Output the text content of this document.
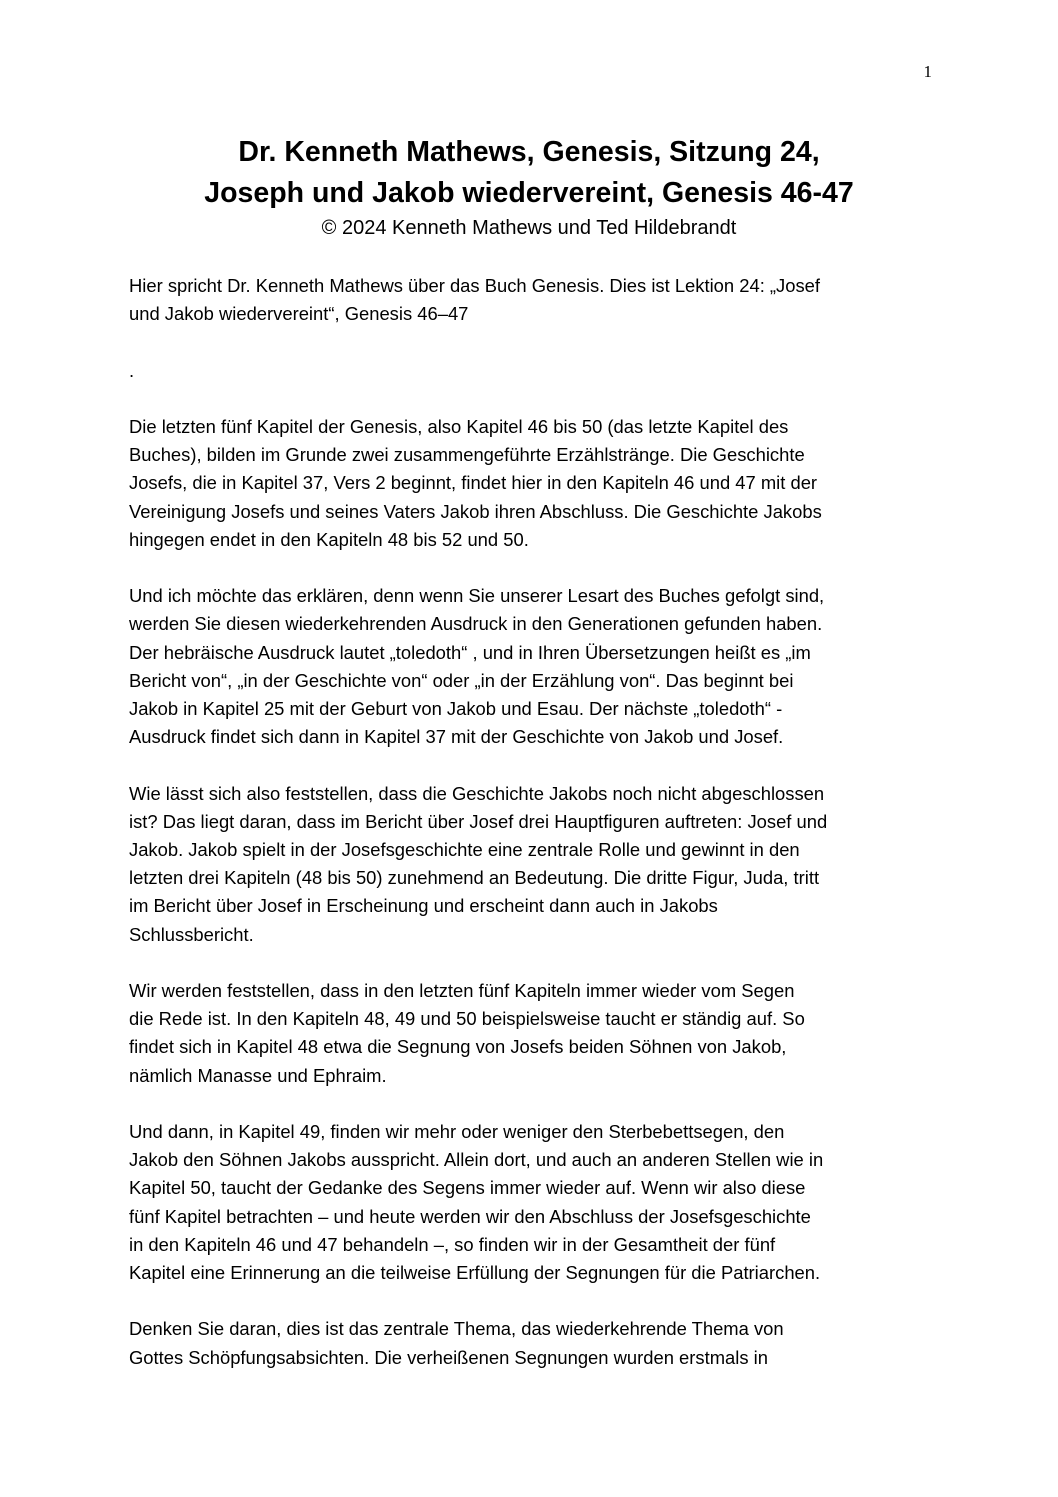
1
Dr. Kenneth Mathews, Genesis, Sitzung 24,
Joseph und Jakob wiedervereint, Genesis 46-47
© 2024 Kenneth Mathews und Ted Hildebrandt

Hier spricht Dr. Kenneth Mathews über das Buch Genesis. Dies ist Lektion 24: „Josef
und Jakob wiedervereint“, Genesis 46–47

.

Die letzten fünf Kapitel der Genesis, also Kapitel 46 bis 50 (das letzte Kapitel des
Buches), bilden im Grunde zwei zusammengeführte Erzählstränge. Die Geschichte
Josefs, die in Kapitel 37, Vers 2 beginnt, findet hier in den Kapiteln 46 und 47 mit der
Vereinigung Josefs und seines Vaters Jakob ihren Abschluss. Die Geschichte Jakobs
hingegen endet in den Kapiteln 48 bis 52 und 50.

Und ich möchte das erklären, denn wenn Sie unserer Lesart des Buches gefolgt sind,
werden Sie diesen wiederkehrenden Ausdruck in den Generationen gefunden haben.
Der hebräische Ausdruck lautet „toledoth“ , und in Ihren Übersetzungen heißt es „im
Bericht von“, „in der Geschichte von“ oder „in der Erzählung von“. Das beginnt bei
Jakob in Kapitel 25 mit der Geburt von Jakob und Esau. Der nächste „toledoth“ -
Ausdruck findet sich dann in Kapitel 37 mit der Geschichte von Jakob und Josef.

Wie lässt sich also feststellen, dass die Geschichte Jakobs noch nicht abgeschlossen
ist? Das liegt daran, dass im Bericht über Josef drei Hauptfiguren auftreten: Josef und
Jakob. Jakob spielt in der Josefsgeschichte eine zentrale Rolle und gewinnt in den
letzten drei Kapiteln (48 bis 50) zunehmend an Bedeutung. Die dritte Figur, Juda, tritt
im Bericht über Josef in Erscheinung und erscheint dann auch in Jakobs
Schlussbericht.

Wir werden feststellen, dass in den letzten fünf Kapiteln immer wieder vom Segen
die Rede ist. In den Kapiteln 48, 49 und 50 beispielsweise taucht er ständig auf. So
findet sich in Kapitel 48 etwa die Segnung von Josefs beiden Söhnen von Jakob,
nämlich Manasse und Ephraim.

Und dann, in Kapitel 49, finden wir mehr oder weniger den Sterbebettsegen, den
Jakob den Söhnen Jakobs ausspricht. Allein dort, und auch an anderen Stellen wie in
Kapitel 50, taucht der Gedanke des Segens immer wieder auf. Wenn wir also diese
fünf Kapitel betrachten – und heute werden wir den Abschluss der Josefsgeschichte
in den Kapiteln 46 und 47 behandeln –, so finden wir in der Gesamtheit der fünf
Kapitel eine Erinnerung an die teilweise Erfüllung der Segnungen für die Patriarchen.

Denken Sie daran, dies ist das zentrale Thema, das wiederkehrende Thema von
Gottes Schöpfungsabsichten. Die verheißenen Segnungen wurden erstmals in
